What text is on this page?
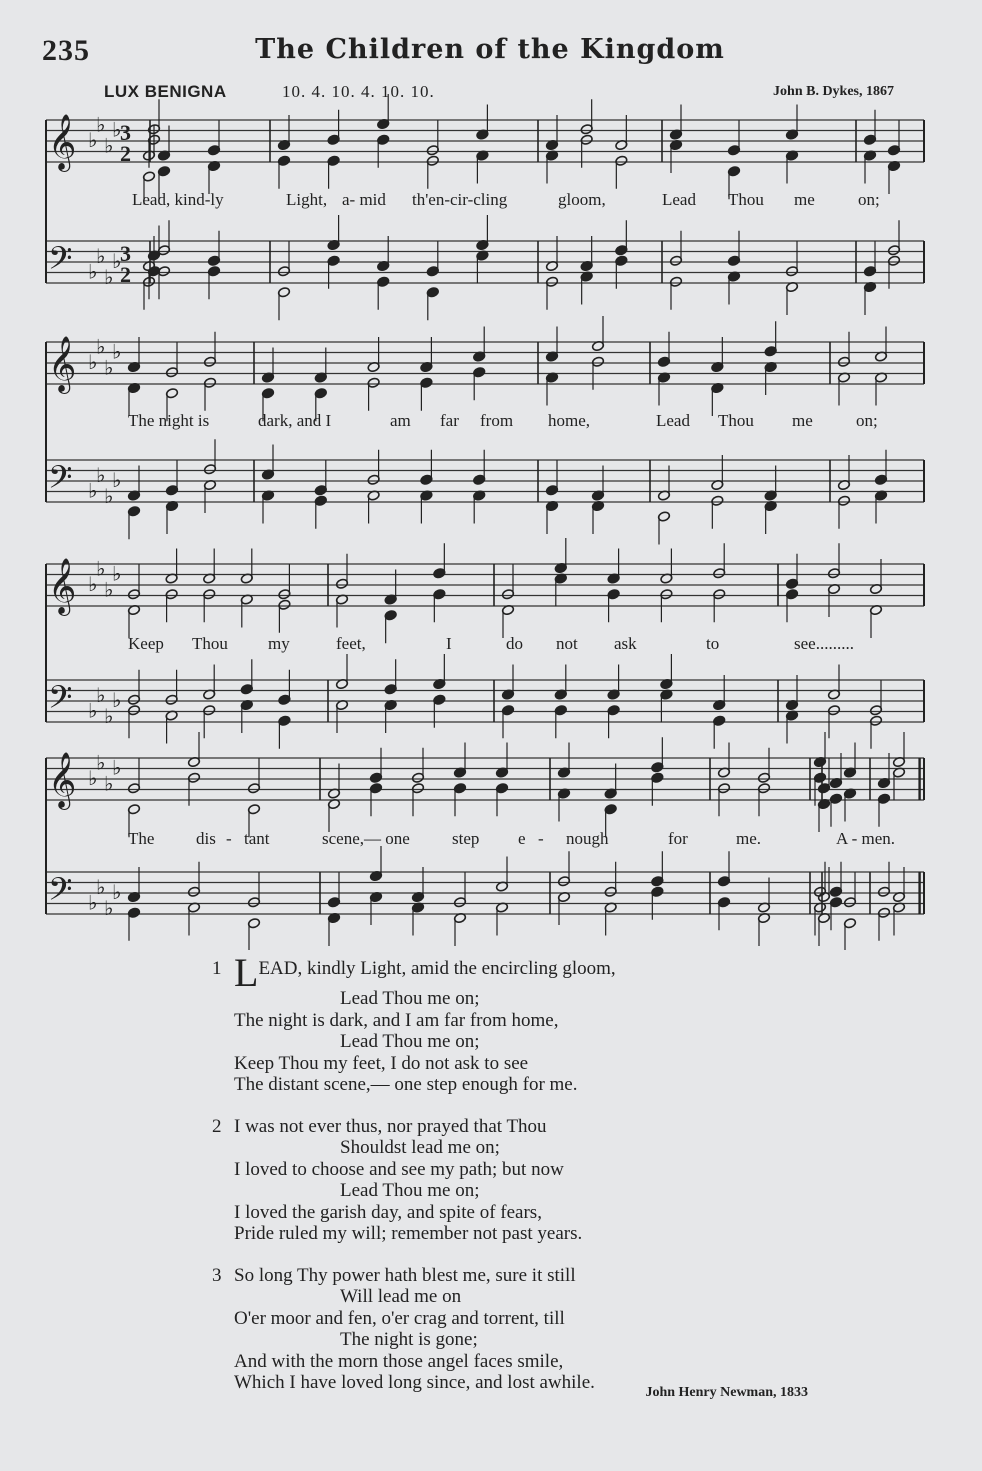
235	The Children of the Kingdom
LUX BENIGNA	10. 4. 10. 4. 10. 10.	John B. Dykes, 1867
𝄞
𝄢
♭
♭
♭
♭
♭
♭
♭
♭
3
2
3
2
𝄞
𝄢
♭
♭
♭
♭
♭
♭
♭
♭
𝄞
𝄢
♭
♭
♭
♭
♭
♭
♭
♭
𝄞
𝄢
♭
♭
♭
♭
♭
♭
♭
♭
Lead, kind-ly	Light, a- mid th'en-cir-cling	gloom,	Lead Thou me	on;
The night is	dark, and I	am far from home,	Lead Thou me	on;
Keep Thou my	feet,	I	do not ask	to	see.........
The dis - tant	scene,— one step e - nough	for	me.	A - men.
1 LEAD, kindly Light, amid the encircling gloom,
Lead Thou me on;
The night is dark, and I am far from home,
Lead Thou me on;
Keep Thou my feet, I do not ask to see
The distant scene,— one step enough for me.
2 I was not ever thus, nor prayed that Thou
Shouldst lead me on;
I loved to choose and see my path; but now
Lead Thou me on;
I loved the garish day, and spite of fears,
Pride ruled my will; remember not past years.
3 So long Thy power hath blest me, sure it still
Will lead me on
O'er moor and fen, o'er crag and torrent, till
The night is gone;
And with the morn those angel faces smile,
Which I have loved long since, and lost awhile.	John Henry Newman, 1833
